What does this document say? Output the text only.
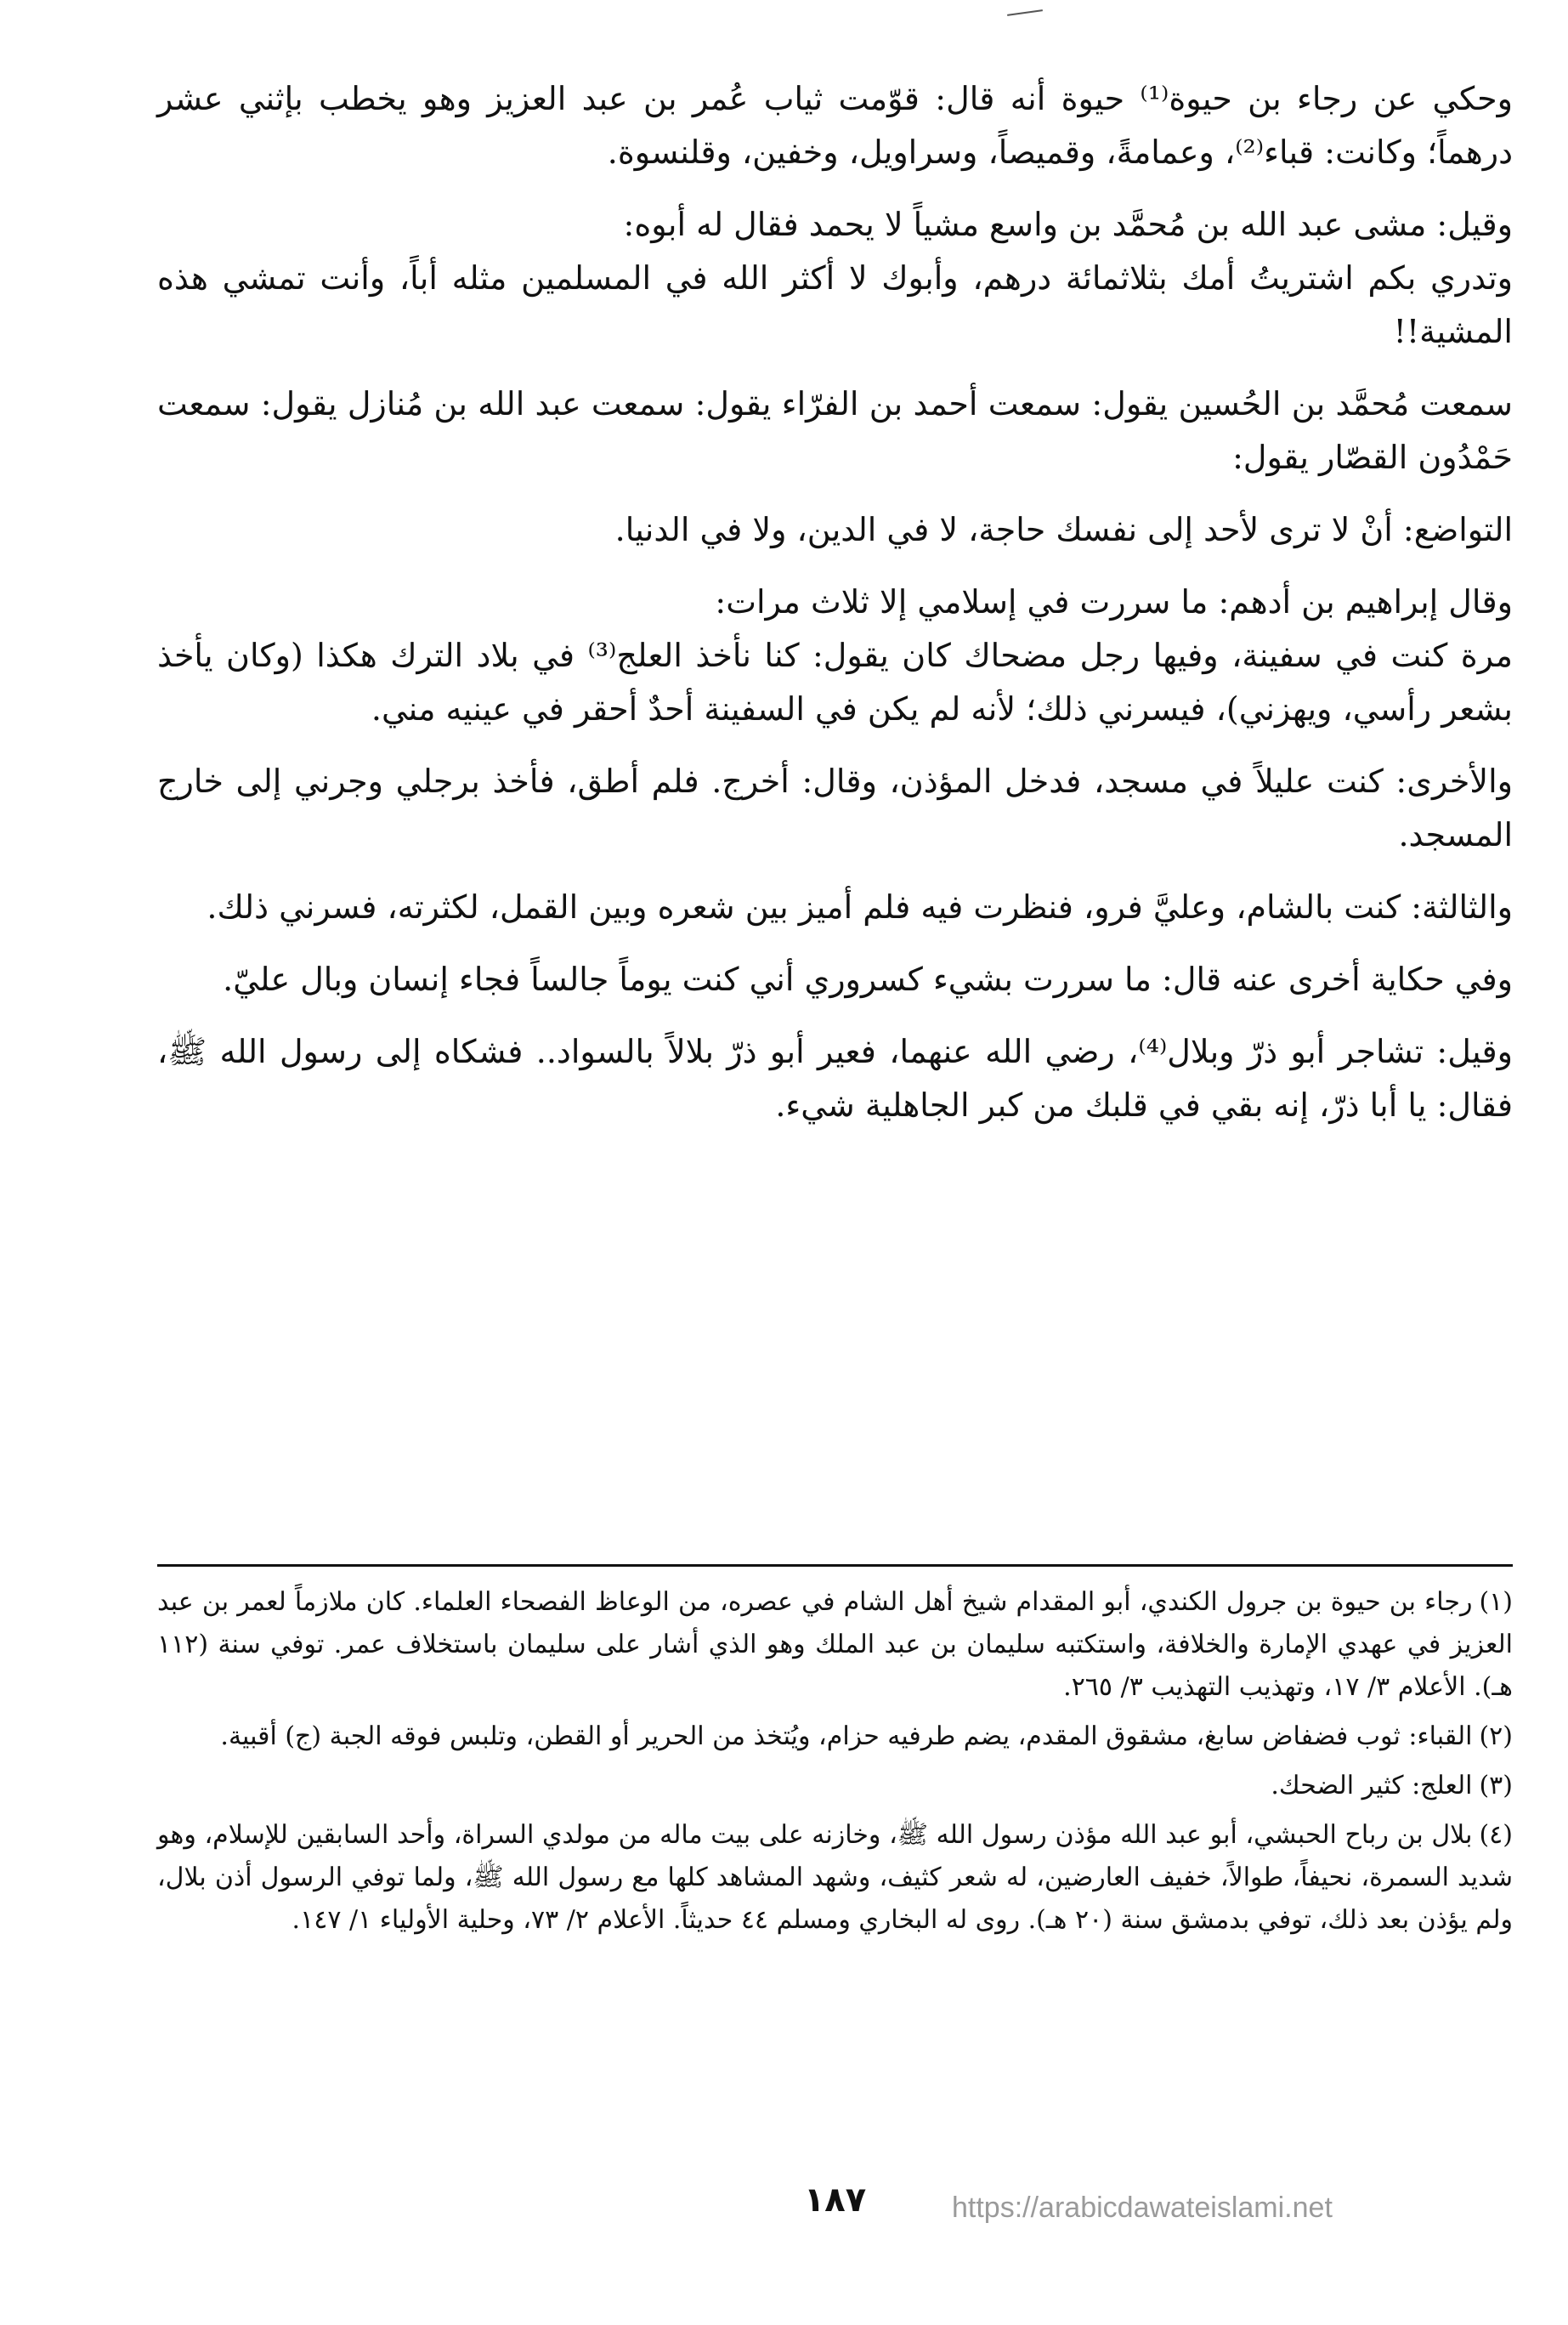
وحكي عن رجاء بن حيوة⁽¹⁾ حيوة أنه قال: قوّمت ثياب عُمر بن عبد العزيز وهو يخطب بإثني عشر درهماً؛ وكانت: قباء⁽²⁾، وعمامةً، وقميصاً، وسراويل، وخفين، وقلنسوة.

وقيل: مشى عبد الله بن مُحمَّد بن واسع مشياً لا يحمد فقال له أبوه:

وتدري بكم اشتريتُ أمك بثلاثمائة درهم، وأبوك لا أكثر الله في المسلمين مثله أباً، وأنت تمشي هذه المشية!!

سمعت مُحمَّد بن الحُسين يقول: سمعت أحمد بن الفرّاء يقول: سمعت عبد الله بن مُنازل يقول: سمعت حَمْدُون القصّار يقول:

التواضع: أنْ لا ترى لأحد إلى نفسك حاجة، لا في الدين، ولا في الدنيا.

وقال إبراهيم بن أدهم: ما سررت في إسلامي إلا ثلاث مرات:

مرة كنت في سفينة، وفيها رجل مضحاك كان يقول: كنا نأخذ العلج⁽³⁾ في بلاد الترك هكذا (وكان يأخذ بشعر رأسي، ويهزني)، فيسرني ذلك؛ لأنه لم يكن في السفينة أحدٌ أحقر في عينيه مني.

والأخرى: كنت عليلاً في مسجد، فدخل المؤذن، وقال: أخرج. فلم أطق، فأخذ برجلي وجرني إلى خارج المسجد.

والثالثة: كنت بالشام، وعليَّ فرو، فنظرت فيه فلم أميز بين شعره وبين القمل، لكثرته، فسرني ذلك.

وفي حكاية أخرى عنه قال: ما سررت بشيء كسروري أني كنت يوماً جالساً فجاء إنسان وبال عليّ.

وقيل: تشاجر أبو ذرّ وبلال⁽⁴⁾، رضي الله عنهما، فعير أبو ذرّ بلالاً بالسواد.. فشكاه إلى رسول الله ﷺ، فقال: يا أبا ذرّ، إنه بقي في قلبك من كبر الجاهلية شيء.

(١)رجاء بن حيوة بن جرول الكندي، أبو المقدام شيخ أهل الشام في عصره، من الوعاظ الفصحاء العلماء. كان ملازماً لعمر بن عبد العزيز في عهدي الإمارة والخلافة، واستكتبه سليمان بن عبد الملك وهو الذي أشار على سليمان باستخلاف عمر. توفي سنة (١١٢ هـ). الأعلام ٣/ ١٧، وتهذيب التهذيب ٣/ ٢٦٥.

(٢)القباء: ثوب فضفاض سابغ، مشقوق المقدم، يضم طرفيه حزام، ويُتخذ من الحرير أو القطن، وتلبس فوقه الجبة (ج) أقبية.

(٣)العلج: كثير الضحك.

(٤)بلال بن رباح الحبشي، أبو عبد الله مؤذن رسول الله ﷺ، وخازنه على بيت ماله من مولدي السراة، وأحد السابقين للإسلام، وهو شديد السمرة، نحيفاً، طوالاً، خفيف العارضين، له شعر كثيف، وشهد المشاهد كلها مع رسول الله ﷺ، ولما توفي الرسول أذن بلال، ولم يؤذن بعد ذلك، توفي بدمشق سنة (٢٠ هـ). روى له البخاري ومسلم ٤٤ حديثاً. الأعلام ٢/ ٧٣، وحلية الأولياء ١/ ١٤٧.

١٨٧	https://arabicdawateislami.net
